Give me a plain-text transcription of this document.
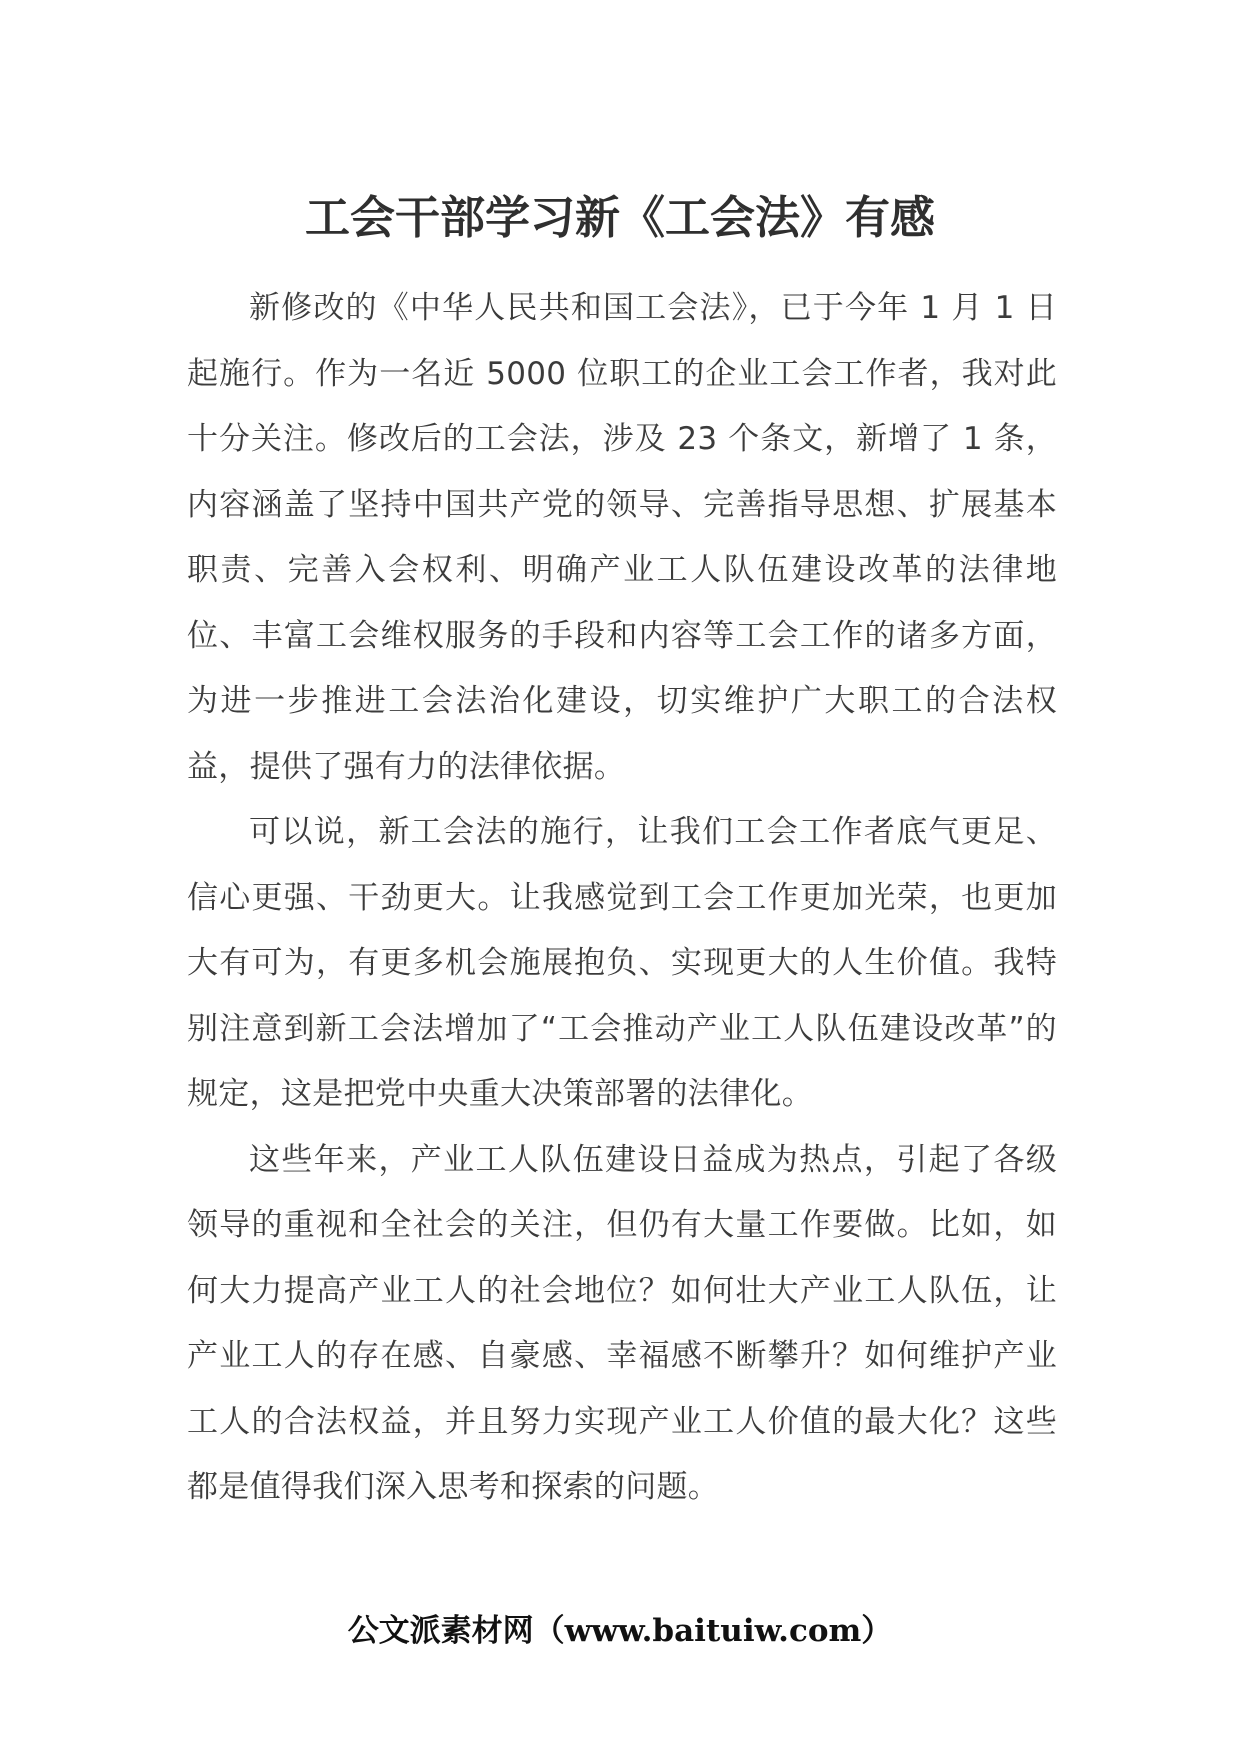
工会干部学习新《工会法》有感

新修改的《中华人民共和国工会法》，已于今年 1 月 1 日起施行。作为一名近 5000 位职工的企业工会工作者，我对此十分关注。修改后的工会法，涉及 23 个条文，新增了 1 条，内容涵盖了坚持中国共产党的领导、完善指导思想、扩展基本职责、完善入会权利、明确产业工人队伍建设改革的法律地位、丰富工会维权服务的手段和内容等工会工作的诸多方面，为进一步推进工会法治化建设，切实维护广大职工的合法权益，提供了强有力的法律依据。

可以说，新工会法的施行，让我们工会工作者底气更足、信心更强、干劲更大。让我感觉到工会工作更加光荣，也更加大有可为，有更多机会施展抱负、实现更大的人生价值。我特别注意到新工会法增加了“工会推动产业工人队伍建设改革”的规定，这是把党中央重大决策部署的法律化。

这些年来，产业工人队伍建设日益成为热点，引起了各级领导的重视和全社会的关注，但仍有大量工作要做。比如，如何大力提高产业工人的社会地位？如何壮大产业工人队伍，让产业工人的存在感、自豪感、幸福感不断攀升？如何维护产业工人的合法权益，并且努力实现产业工人价值的最大化？这些都是值得我们深入思考和探索的问题。

公文派素材网（www.baituiw.com）
